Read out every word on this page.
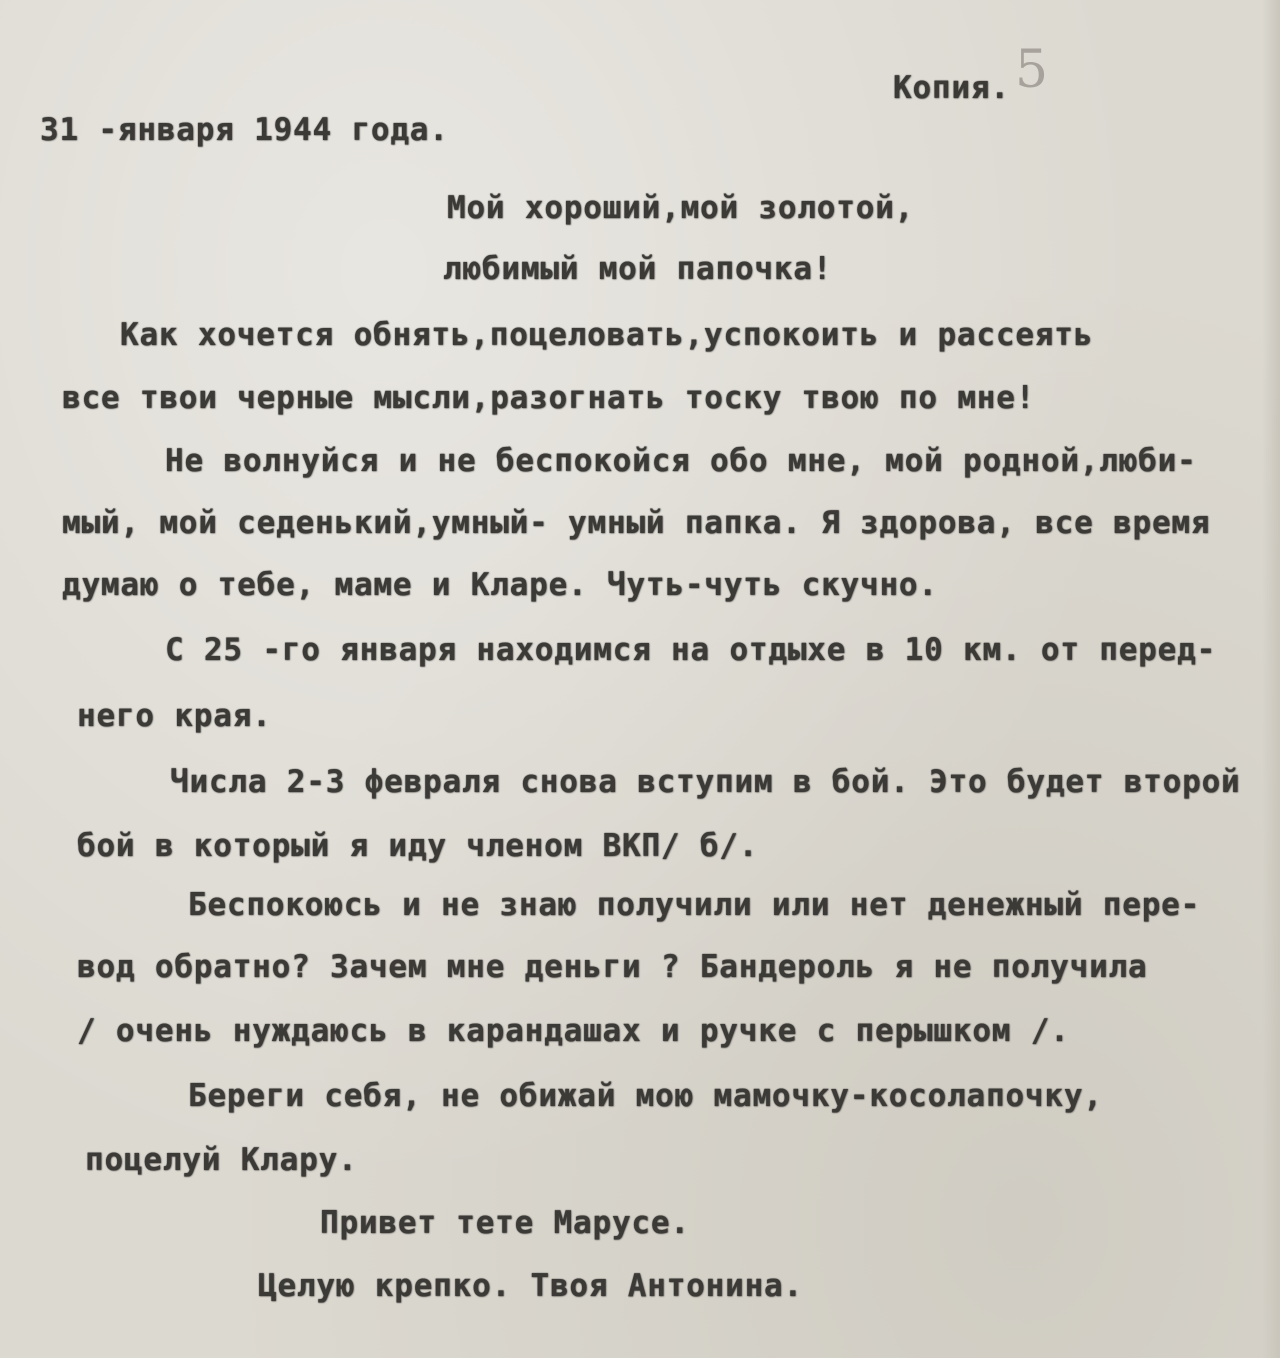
Копия. 5
31 -января 1944 года.
Мой хороший,мой золотой,
любимый мой папочка!
Как хочется обнять,поцеловать,успокоить и рассеять
все твои черные мысли,разогнать тоску твою по мне!
Не волнуйся и не беспокойся обо мне, мой родной,люби-
мый, мой седенький,умный- умный папка. Я здорова, все время
думаю о тебе, маме и Кларе. Чуть-чуть скучно.
С 25 -го января находимся на отдыхе в 10 км. от перед-
него края.
Числа 2-3 февраля снова вступим в бой. Это будет второй
бой в который я иду членом ВКП/ б/.
Беспокоюсь и не знаю получили или нет денежный пере-
вод обратно? Зачем мне деньги ? Бандероль я не получила
/ очень нуждаюсь в карандашах и ручке с перышком /.
Береги себя, не обижай мою мамочку-косолапочку,
поцелуй Клару.
Привет тете Марусе.
Целую крепко. Твоя Антонина.
